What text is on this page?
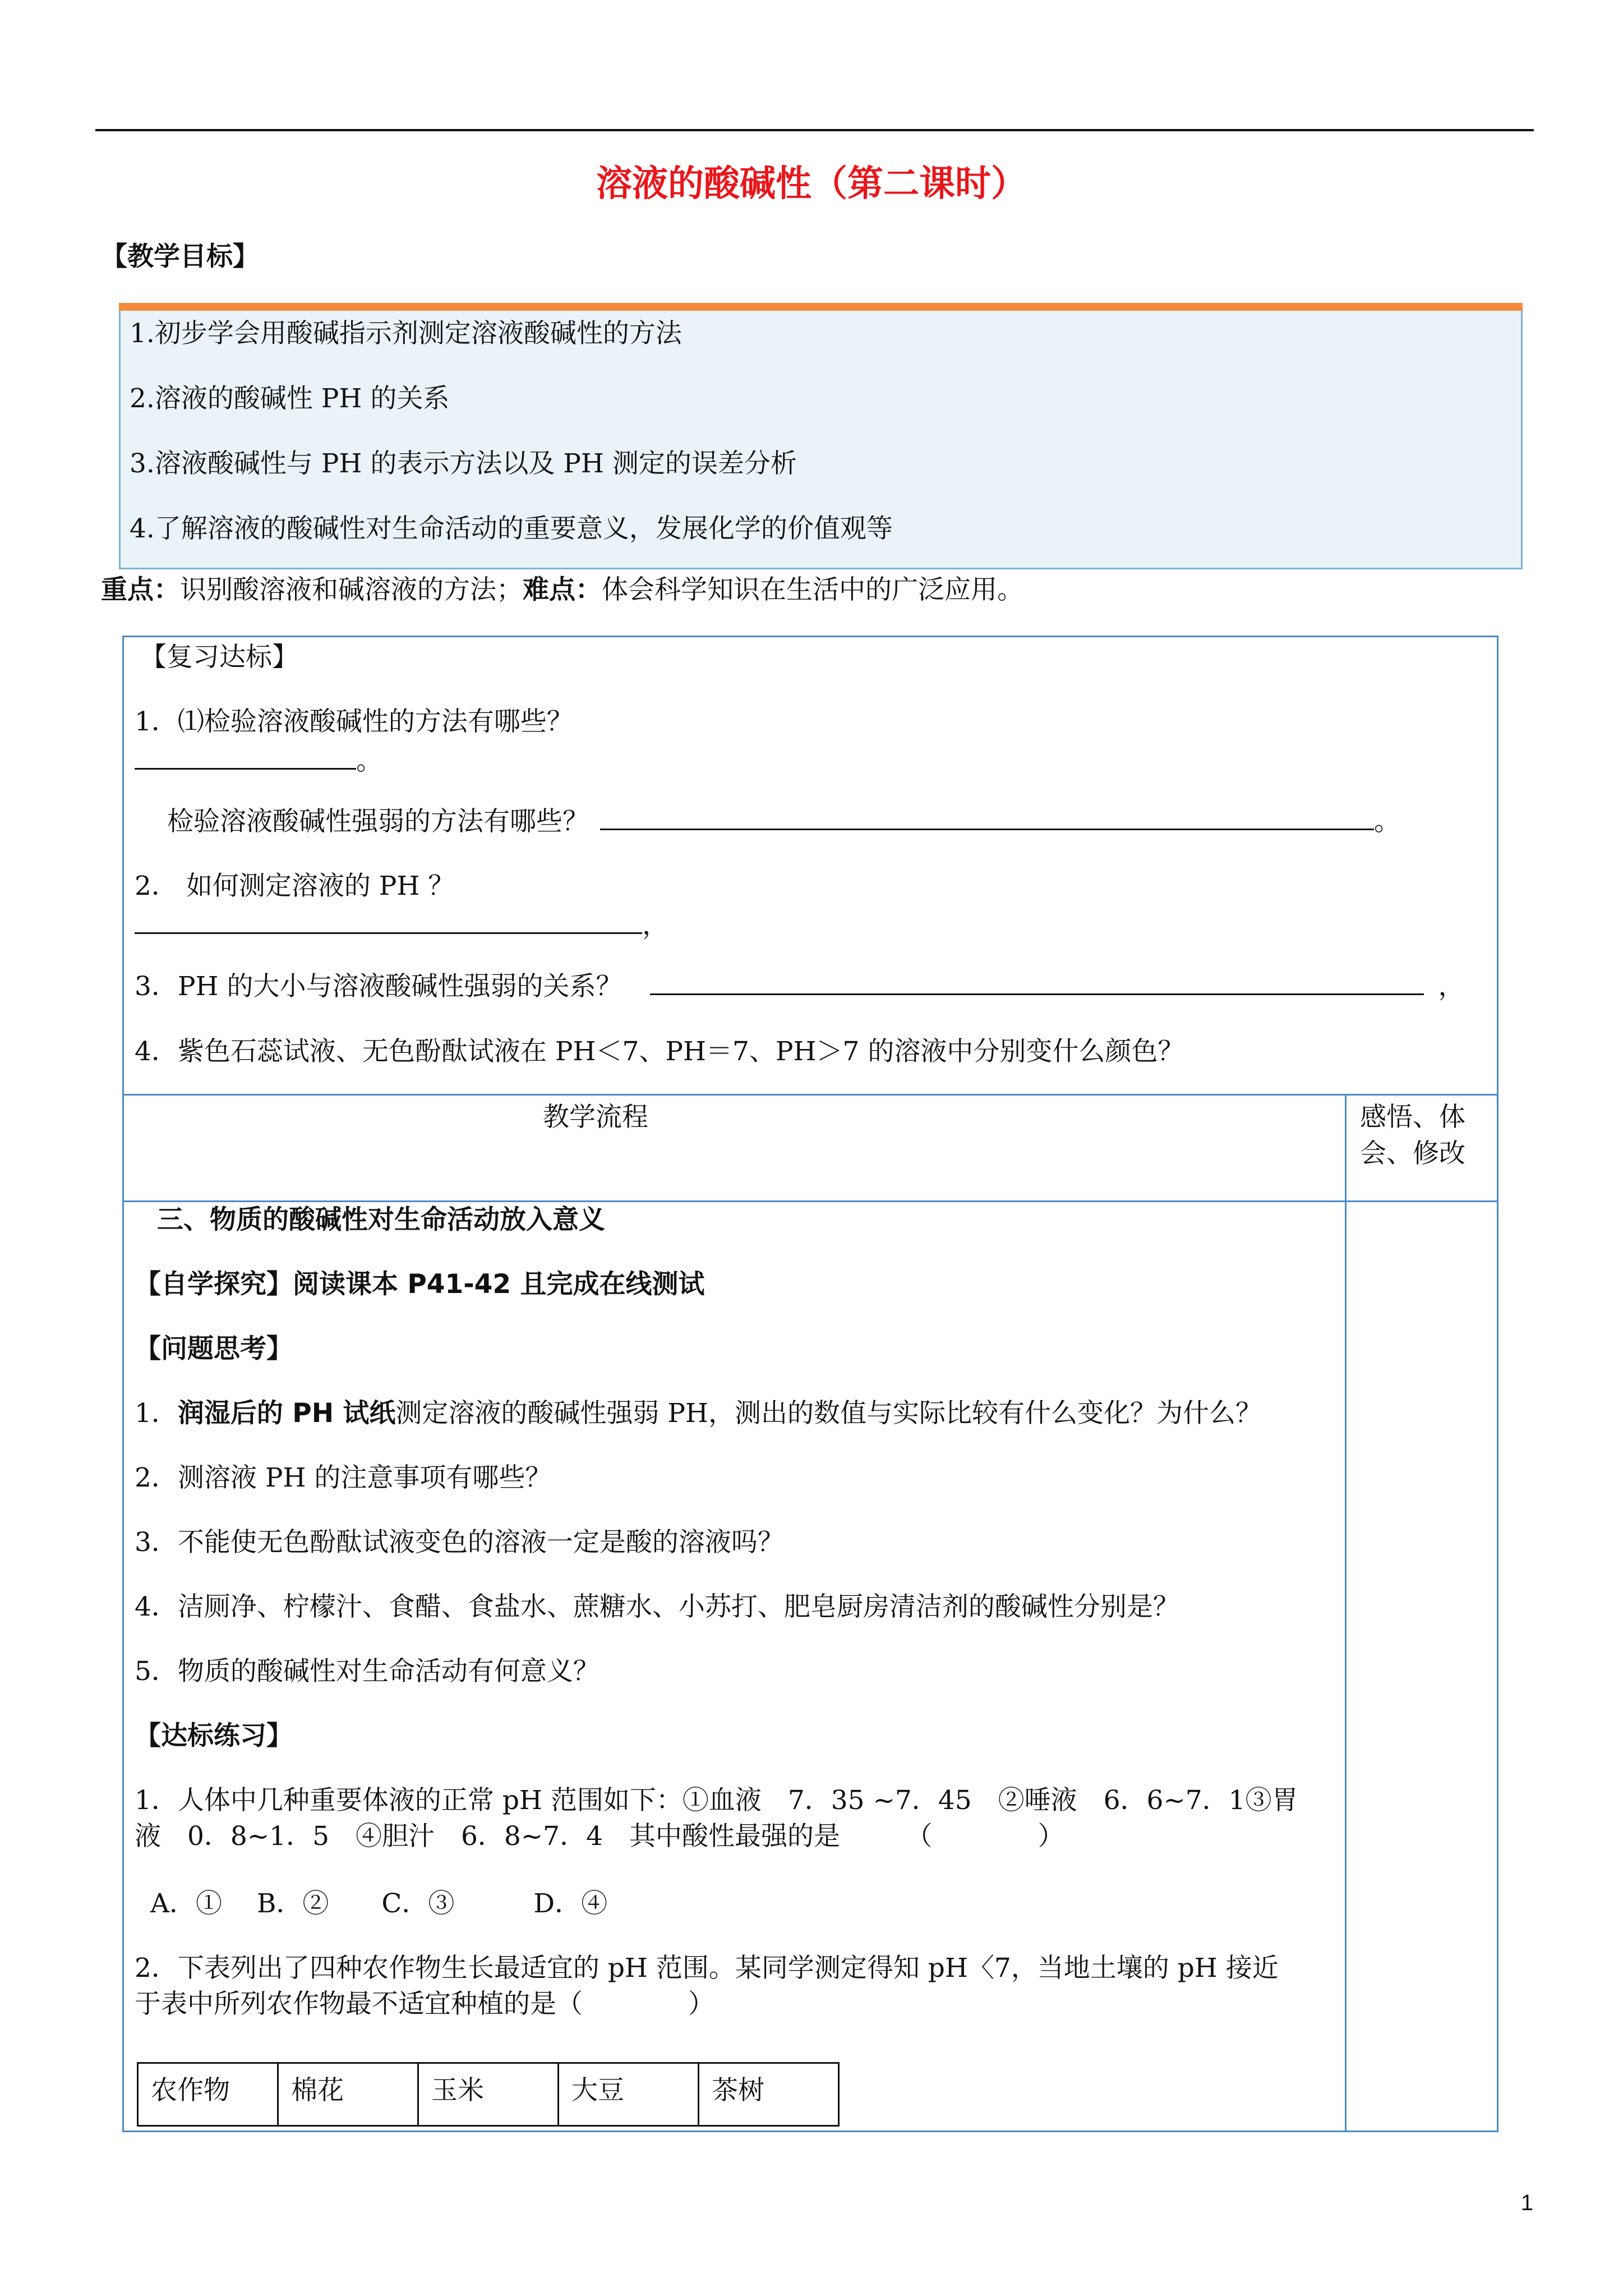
溶液的酸碱性（第二课时）
【教学目标】
1.初步学会用酸碱指示剂测定溶液酸碱性的方法
2.溶液的酸碱性 PH 的关系
3.溶液酸碱性与 PH 的表示方法以及 PH 测定的误差分析
4.了解溶液的酸碱性对生命活动的重要意义，发展化学的价值观等
重点：识别酸溶液和碱溶液的方法；难点：体会科学知识在生活中的广泛应用。
【复习达标】
1．⑴检验溶液酸碱性的方法有哪些？
。
检验溶液酸碱性强弱的方法有哪些？	。
2． 如何测定溶液的 PH ？
，
3．PH 的大小与溶液酸碱性强弱的关系？	，
4．紫色石蕊试液、无色酚酞试液在 PH＜7、PH＝7、PH＞7 的溶液中分别变什么颜色？
教学流程	感悟、体
会、修改
三、物质的酸碱性对生命活动放入意义
【自学探究】阅读课本 P41-42 且完成在线测试
【问题思考】
1．润湿后的 PH 试纸测定溶液的酸碱性强弱 PH，测出的数值与实际比较有什么变化？为什么？
2．测溶液 PH 的注意事项有哪些？
3．不能使无色酚酞试液变色的溶液一定是酸的溶液吗？
4．洁厕净、柠檬汁、食醋、食盐水、蔗糖水、小苏打、肥皂厨房清洁剂的酸碱性分别是？
5．物质的酸碱性对生命活动有何意义？
【达标练习】
1．人体中几种重要体液的正常 pH 范围如下：①血液　7．35 ~7．45　②唾液　6．6~7．1③胃
液　0．8~1．5　④胆汁　6．8~7．4　其中酸性最强的是　　　（　　　　）
A．①　 B．②　　C．③　　　D．④
2．下表列出了四种农作物生长最适宜的 pH 范围。某同学测定得知 pH〈7，当地土壤的 pH 接近
于表中所列农作物最不适宜种植的是（　　　　）
农作物	棉花	玉米	大豆	茶树
1
